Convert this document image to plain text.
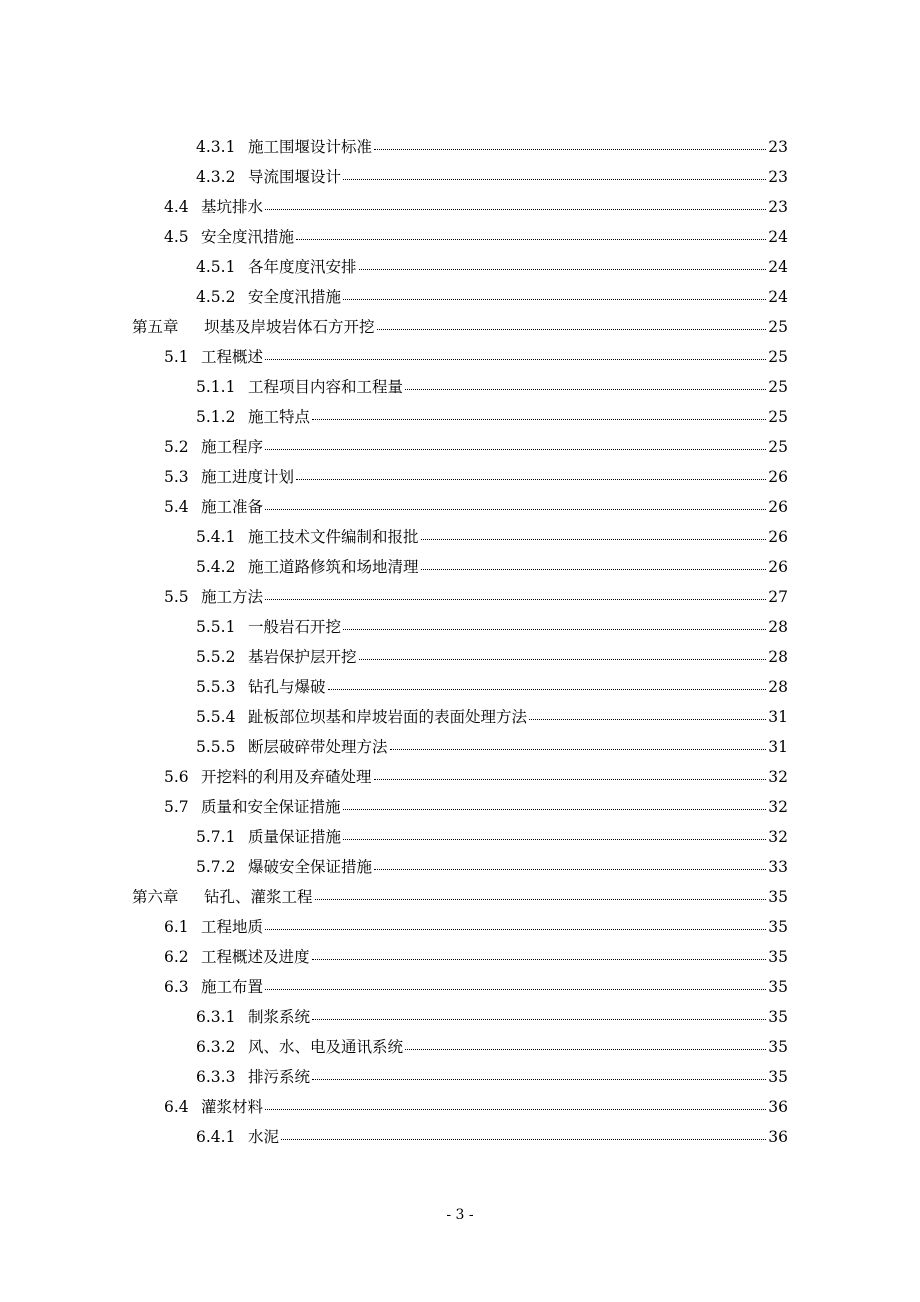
4.3.1 施工围堰设计标准	23
4.3.2 导流围堰设计	23
4.4 基坑排水	23
4.5 安全度汛措施	24
4.5.1 各年度度汛安排	24
4.5.2 安全度汛措施	24
第五章	坝基及岸坡岩体石方开挖	25
5.1 工程概述	25
5.1.1 工程项目内容和工程量	25
5.1.2 施工特点	25
5.2 施工程序	25
5.3 施工进度计划	26
5.4 施工准备	26
5.4.1 施工技术文件编制和报批	26
5.4.2 施工道路修筑和场地清理	26
5.5 施工方法	27
5.5.1 一般岩石开挖	28
5.5.2 基岩保护层开挖	28
5.5.3 钻孔与爆破	28
5.5.4 趾板部位坝基和岸坡岩面的表面处理方法	31
5.5.5 断层破碎带处理方法	31
5.6 开挖料的利用及弃碴处理	32
5.7 质量和安全保证措施	32
5.7.1 质量保证措施	32
5.7.2 爆破安全保证措施	33
第六章	钻孔、灌浆工程	35
6.1 工程地质	35
6.2 工程概述及进度	35
6.3 施工布置	35
6.3.1 制浆系统	35
6.3.2 风、水、电及通讯系统	35
6.3.3 排污系统	35
6.4 灌浆材料	36
6.4.1 水泥	36
- 3 -
